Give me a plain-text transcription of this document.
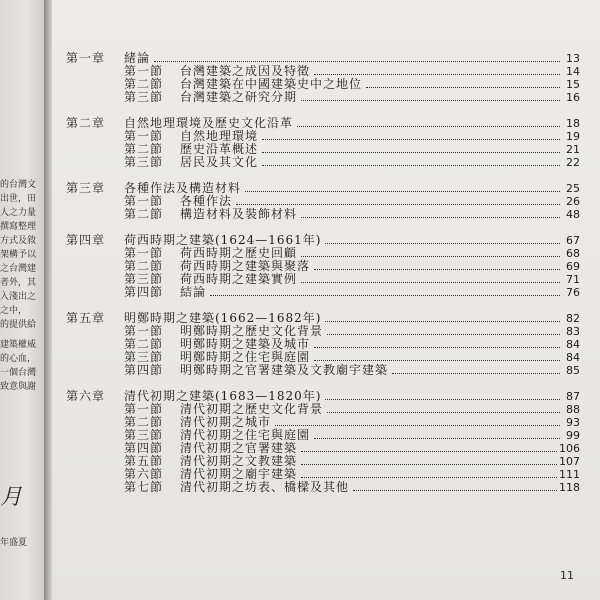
的台灣文
出世，田
人之力量
撰寫整理
方式及敘
架構予以
之台灣建
者外，其
入淺出之
之中，
的提供給
建築權威
的心血，
一個台灣
致意與謝
月
年盛夏
第一章	緒論	13
第一節	台灣建築之成因及特徵	14
第二節	台灣建築在中國建築史中之地位	15
第三節	台灣建築之研究分期	16
第二章	自然地理環境及歷史文化沿革	18
第一節	自然地理環境	19
第二節	歷史沿革概述	21
第三節	居民及其文化	22
第三章	各種作法及構造材料	25
第一節	各種作法	26
第二節	構造材料及裝飾材料	48
第四章	荷西時期之建築(1624—1661年)	67
第一節	荷西時期之歷史回顧	68
第二節	荷西時期之建築與聚落	69
第三節	荷西時期之建築實例	71
第四節	結論	76
第五章	明鄭時期之建築(1662—1682年)	82
第一節	明鄭時期之歷史文化背景	83
第二節	明鄭時期之建築及城市	84
第三節	明鄭時期之住宅與庭園	84
第四節	明鄭時期之官署建築及文教廟宇建築	85
第六章	清代初期之建築(1683—1820年)	87
第一節	清代初期之歷史文化背景	88
第二節	清代初期之城市	93
第三節	清代初期之住宅與庭園	99
第四節	清代初期之官署建築	106
第五節	清代初期之文教建築	107
第六節	清代初期之廟宇建築	111
第七節	清代初期之坊表、橋樑及其他	118
11
